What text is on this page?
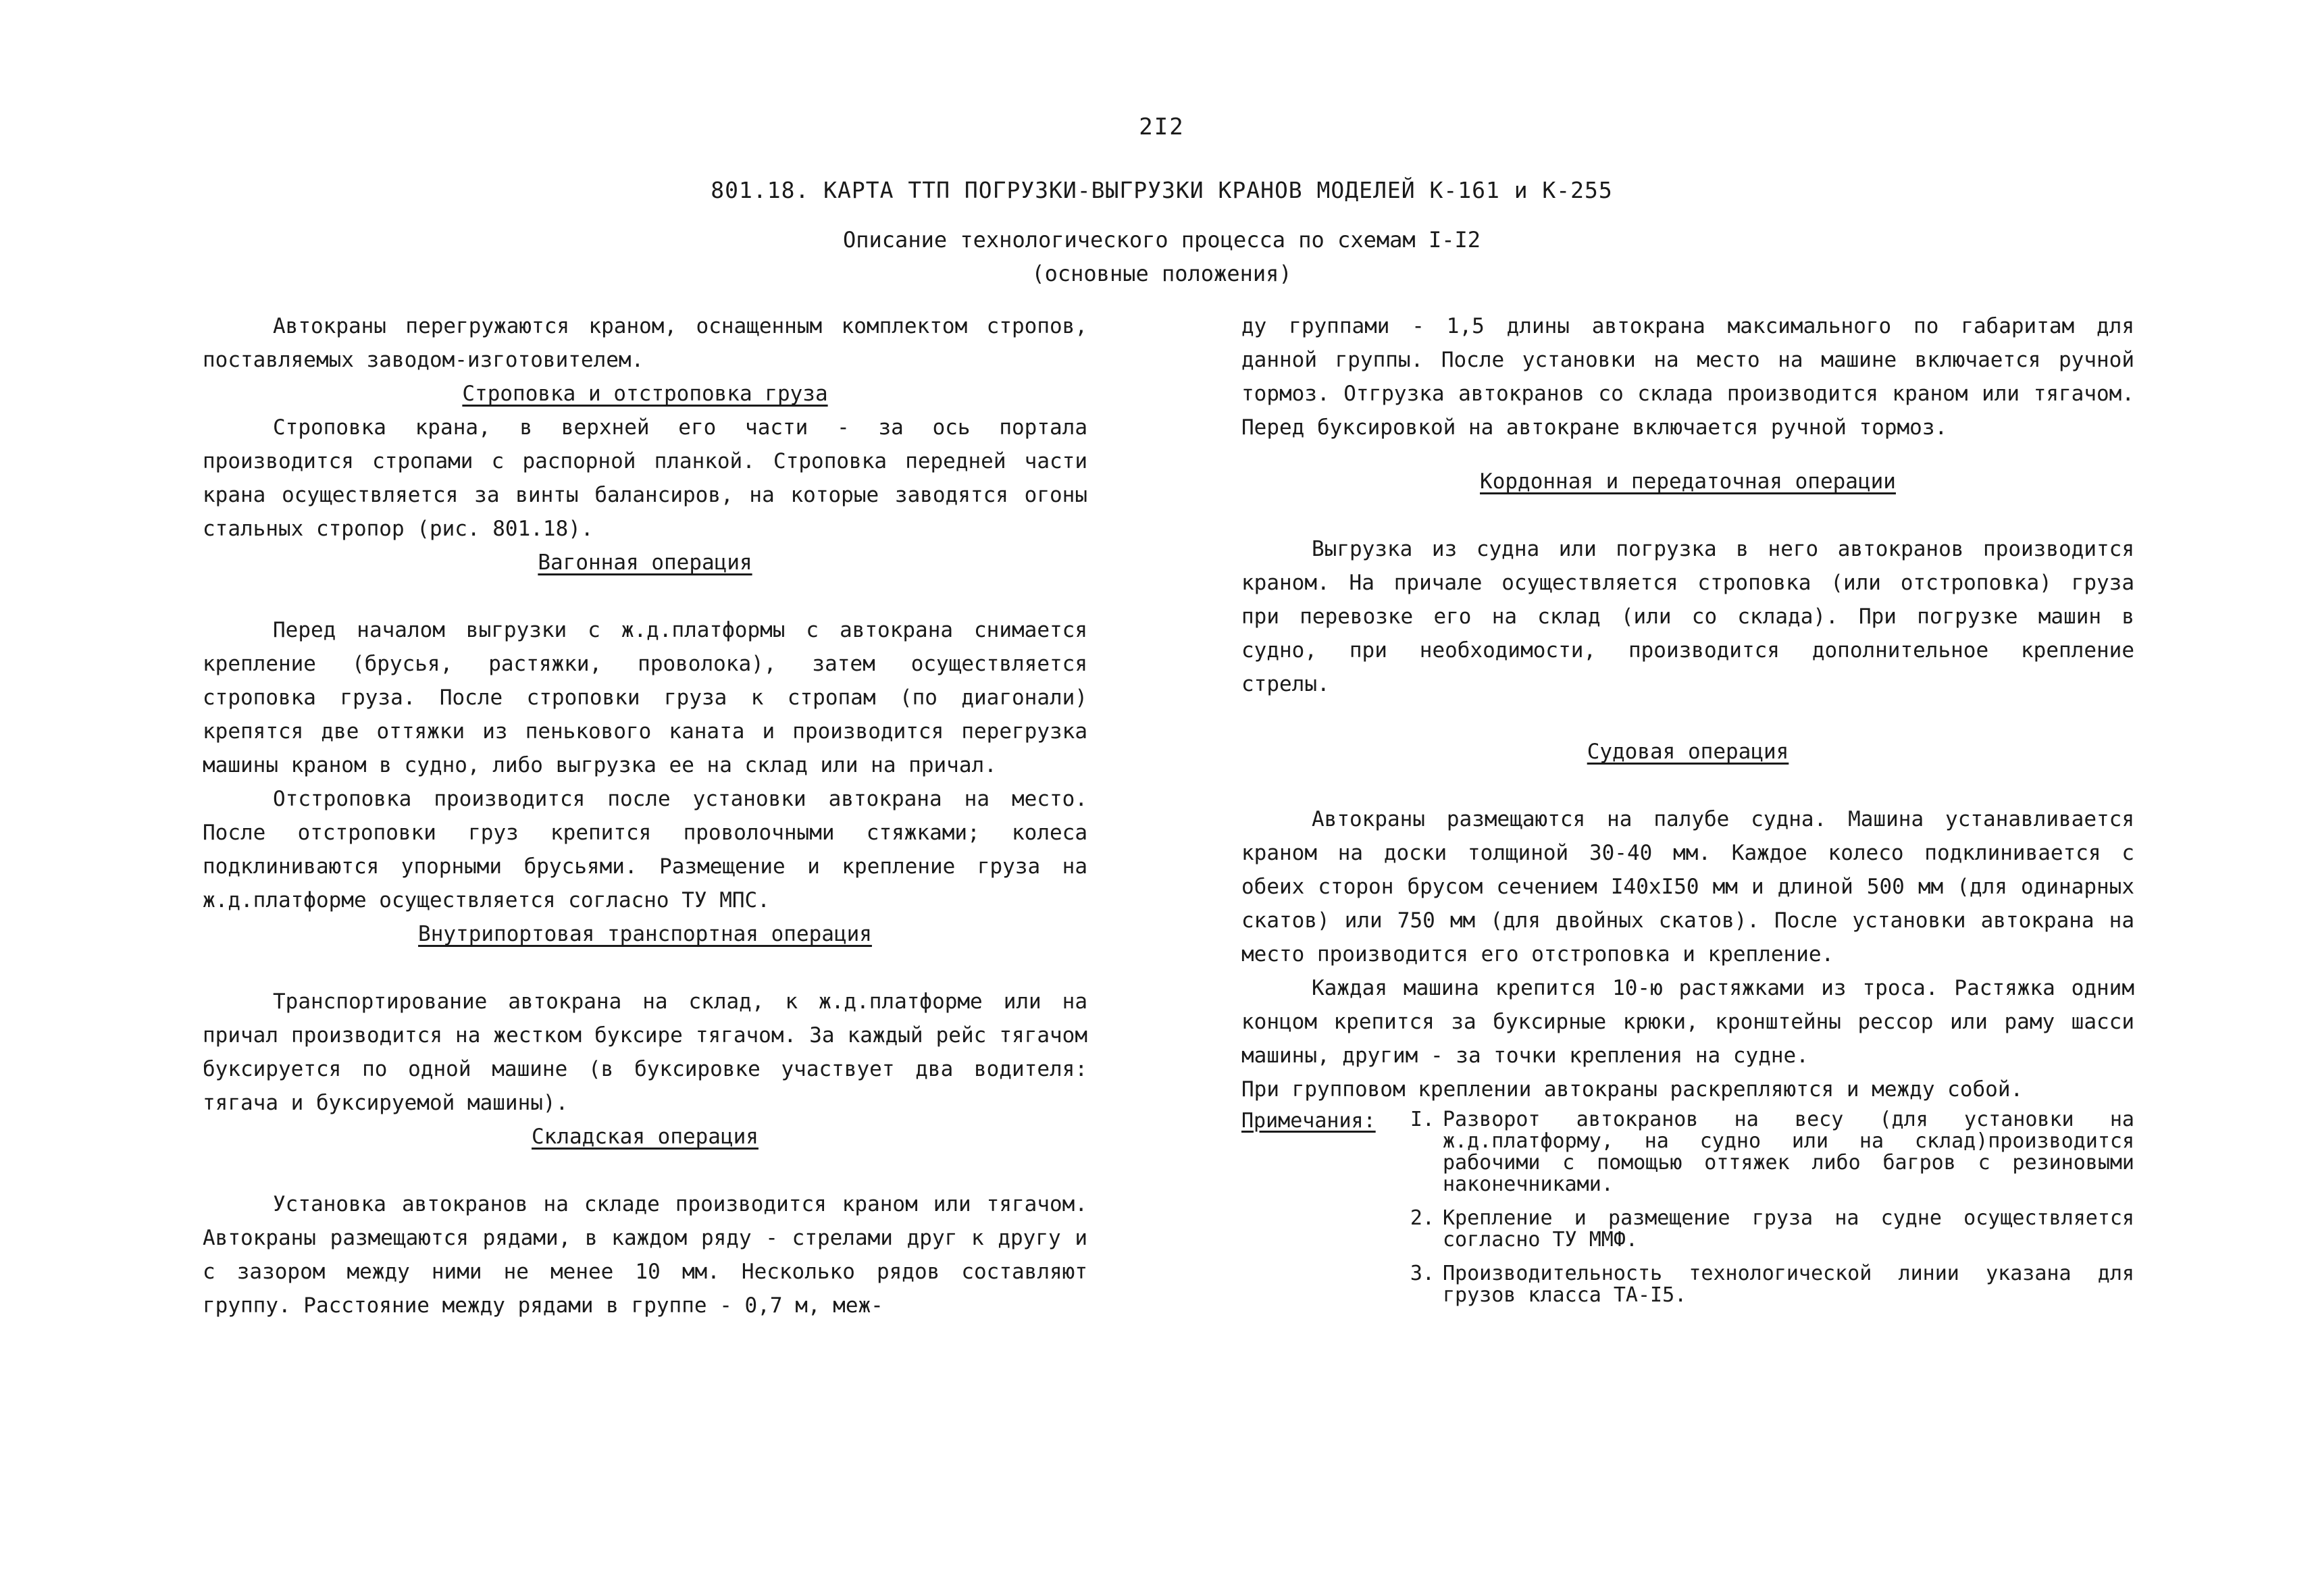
2I2
801.18. КАРТА ТТП ПОГРУЗКИ-ВЫГРУЗКИ КРАНОВ МОДЕЛЕЙ К-161 и К-255
Описание технологического процесса по схемам I-I2
(основные положения)

Автокраны перегружаются краном, оснащенным комплектом стропов, поставляемых заводом-изготовителем.

Строповка и отстроповка груза

Строповка крана, в верхней его части - за ось портала производится стропами с распорной планкой. Строповка передней части крана осуществляется за винты балансиров, на которые заводятся огоны стальных стропор (рис. 801.18).

Вагонная операция

Перед началом выгрузки с ж.д.платформы с автокрана снимается крепление (брусья, растяжки, проволока), затем осуществляется строповка груза. После строповки груза к стропам (по диагонали) крепятся две оттяжки из пенькового каната и производится перегрузка машины краном в судно, либо выгрузка ее на склад или на причал.

Отстроповка производится после установки автокрана на место. После отстроповки груз крепится проволочными стяжками; колеса подклиниваются упорными брусьями. Размещение и крепление груза на ж.д.платформе осуществляется согласно ТУ МПС.

Внутрипортовая транспортная операция

Транспортирование автокрана на склад, к ж.д.платформе или на причал производится на жестком буксире тягачом. За каждый рейс тягачом буксируется по одной машине (в буксировке участвует два водителя: тягача и буксируемой машины).

Складская операция

Установка автокранов на складе производится краном или тягачом. Автокраны размещаются рядами, в каждом ряду - стрелами друг к другу и с зазором между ними не менее 10 мм. Несколько рядов составляют группу. Расстояние между рядами в группе - 0,7 м, меж-

ду группами - 1,5 длины автокрана максимального по габаритам для данной группы. После установки на место на машине включается ручной тормоз. Отгрузка автокранов со склада производится краном или тягачом. Перед буксировкой на автокране включается ручной тормоз.

Кордонная и передаточная операции

Выгрузка из судна или погрузка в него автокранов производится краном. На причале осуществляется строповка (или отстроповка) груза при перевозке его на склад (или со склада). При погрузке машин в судно, при необходимости, производится дополнительное крепление стрелы.

Судовая операция

Автокраны размещаются на палубе судна. Машина устанавливается краном на доски толщиной 30-40 мм. Каждое колесо подклинивается с обеих сторон брусом сечением I40xI50 мм и длиной 500 мм (для одинарных скатов) или 750 мм (для двойных скатов). После установки автокрана на место производится его отстроповка и крепление.

Каждая машина крепится 10-ю растяжками из троса. Растяжка одним концом крепится за буксирные крюки, кронштейны рессор или раму шасси машины, другим - за точки крепления на судне.

При групповом креплении автокраны раскрепляются и между собой.

Примечания:	I. Разворот автокранов на весу (для установки на ж.д.платформу, на судно или на склад)производится рабочими с помощью оттяжек либо багров с резиновыми наконечниками.
2. Крепление и размещение груза на судне осуществляется согласно ТУ ММФ.
3. Производительность технологической линии указана для грузов класса ТА-I5.
